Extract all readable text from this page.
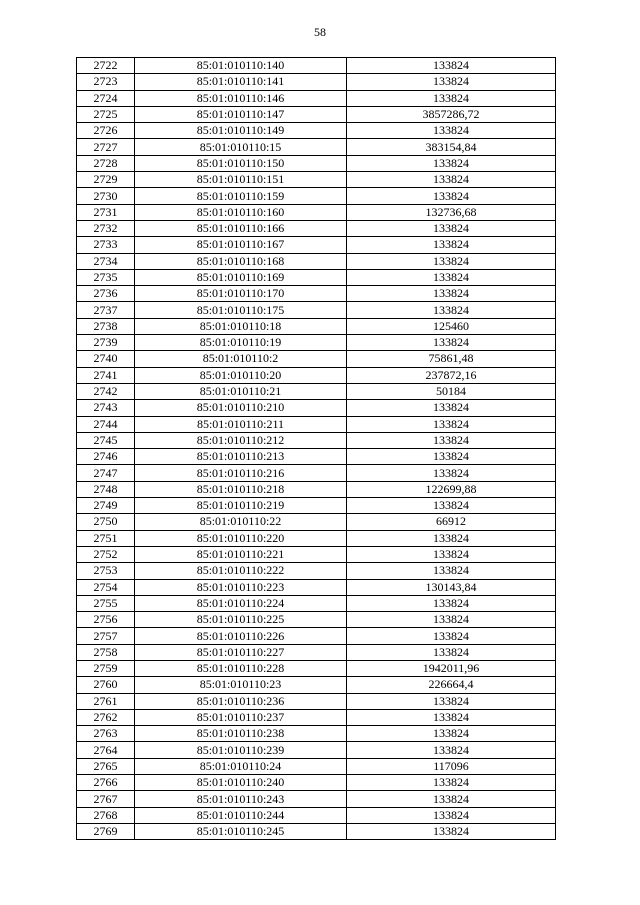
58
2722	85:01:010110:140	133824
2723	85:01:010110:141	133824
2724	85:01:010110:146	133824
2725	85:01:010110:147	3857286,72
2726	85:01:010110:149	133824
2727	85:01:010110:15	383154,84
2728	85:01:010110:150	133824
2729	85:01:010110:151	133824
2730	85:01:010110:159	133824
2731	85:01:010110:160	132736,68
2732	85:01:010110:166	133824
2733	85:01:010110:167	133824
2734	85:01:010110:168	133824
2735	85:01:010110:169	133824
2736	85:01:010110:170	133824
2737	85:01:010110:175	133824
2738	85:01:010110:18	125460
2739	85:01:010110:19	133824
2740	85:01:010110:2	75861,48
2741	85:01:010110:20	237872,16
2742	85:01:010110:21	50184
2743	85:01:010110:210	133824
2744	85:01:010110:211	133824
2745	85:01:010110:212	133824
2746	85:01:010110:213	133824
2747	85:01:010110:216	133824
2748	85:01:010110:218	122699,88
2749	85:01:010110:219	133824
2750	85:01:010110:22	66912
2751	85:01:010110:220	133824
2752	85:01:010110:221	133824
2753	85:01:010110:222	133824
2754	85:01:010110:223	130143,84
2755	85:01:010110:224	133824
2756	85:01:010110:225	133824
2757	85:01:010110:226	133824
2758	85:01:010110:227	133824
2759	85:01:010110:228	1942011,96
2760	85:01:010110:23	226664,4
2761	85:01:010110:236	133824
2762	85:01:010110:237	133824
2763	85:01:010110:238	133824
2764	85:01:010110:239	133824
2765	85:01:010110:24	117096
2766	85:01:010110:240	133824
2767	85:01:010110:243	133824
2768	85:01:010110:244	133824
2769	85:01:010110:245	133824
